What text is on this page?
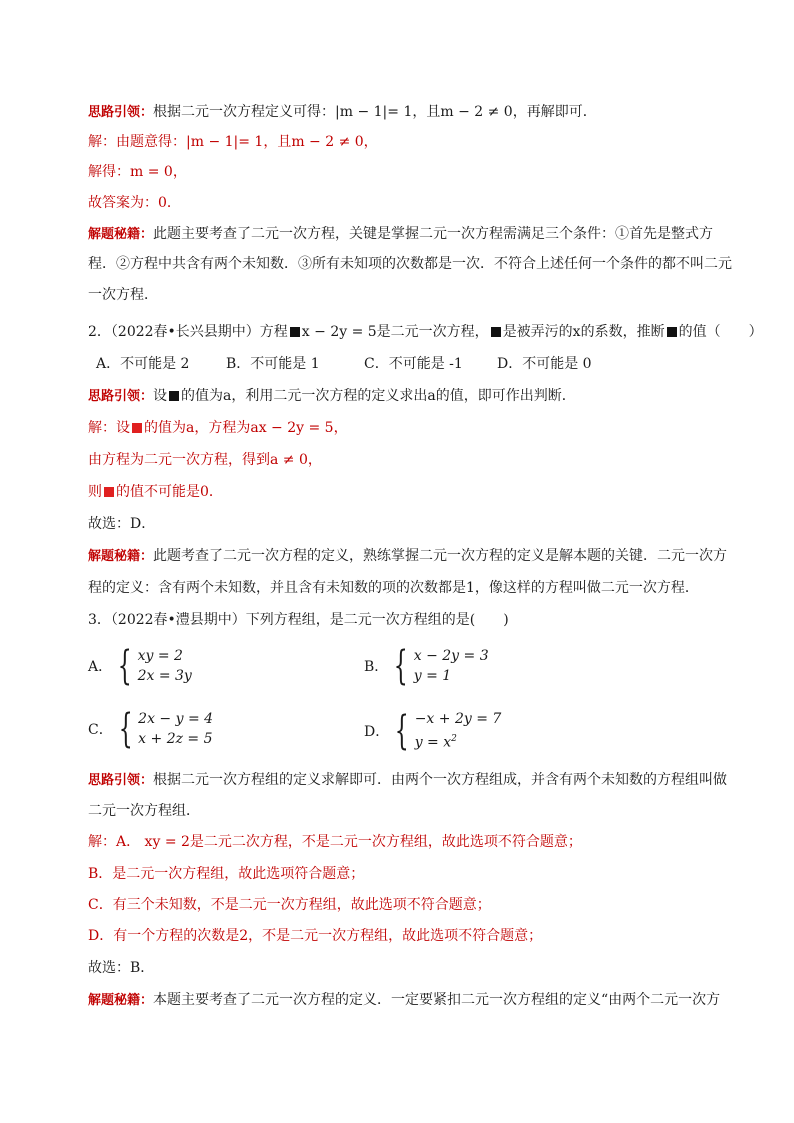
思路引领：根据二元一次方程定义可得：|m − 1|= 1，且m − 2 ≠ 0，再解即可．
解：由题意得：|m − 1|= 1，且m − 2 ≠ 0，
解得：m = 0，
故答案为：0．
解题秘籍：此题主要考查了二元一次方程，关键是掌握二元一次方程需满足三个条件：①首先是整式方
程．②方程中共含有两个未知数．③所有未知项的次数都是一次．不符合上述任何一个条件的都不叫二元
一次方程．
2．（2022春•长兴县期中）方程 x − 2y = 5是二元一次方程， 是被弄污的x的系数，推断 的值（　　）
A．不可能是 2	B．不可能是 1	C．不可能是 -1 D．不可能是 0
思路引领：设 的值为a，利用二元一次方程的定义求出a的值，即可作出判断．
解：设 的值为a，方程为ax − 2y = 5，
由方程为二元一次方程，得到a ≠ 0，
则 的值不可能是0．
故选：D．
解题秘籍：此题考查了二元一次方程的定义，熟练掌握二元一次方程的定义是解本题的关键．二元一次方
程的定义：含有两个未知数，并且含有未知数的项的次数都是1，像这样的方程叫做二元一次方程．
3．（2022春•澧县期中）下列方程组，是二元一次方程组的是(　　)
A． { xy = 2
2x = 3y
B． { x − 2y = 3
y = 1
C． { 2x − y = 4
x + 2z = 5	D． { −x + 2y = 7
$y = x^2$
思路引领：根据二元一次方程组的定义求解即可．由两个一次方程组成，并含有两个未知数的方程组叫做
二元一次方程组．
解：A． xy = 2是二元二次方程，不是二元一次方程组，故此选项不符合题意；
B．是二元一次方程组，故此选项符合题意；
C．有三个未知数，不是二元一次方程组，故此选项不符合题意；
D．有一个方程的次数是2，不是二元一次方程组，故此选项不符合题意；
故选：B．
解题秘籍：本题主要考查了二元一次方程的定义．一定要紧扣二元一次方程组的定义“由两个二元一次方
